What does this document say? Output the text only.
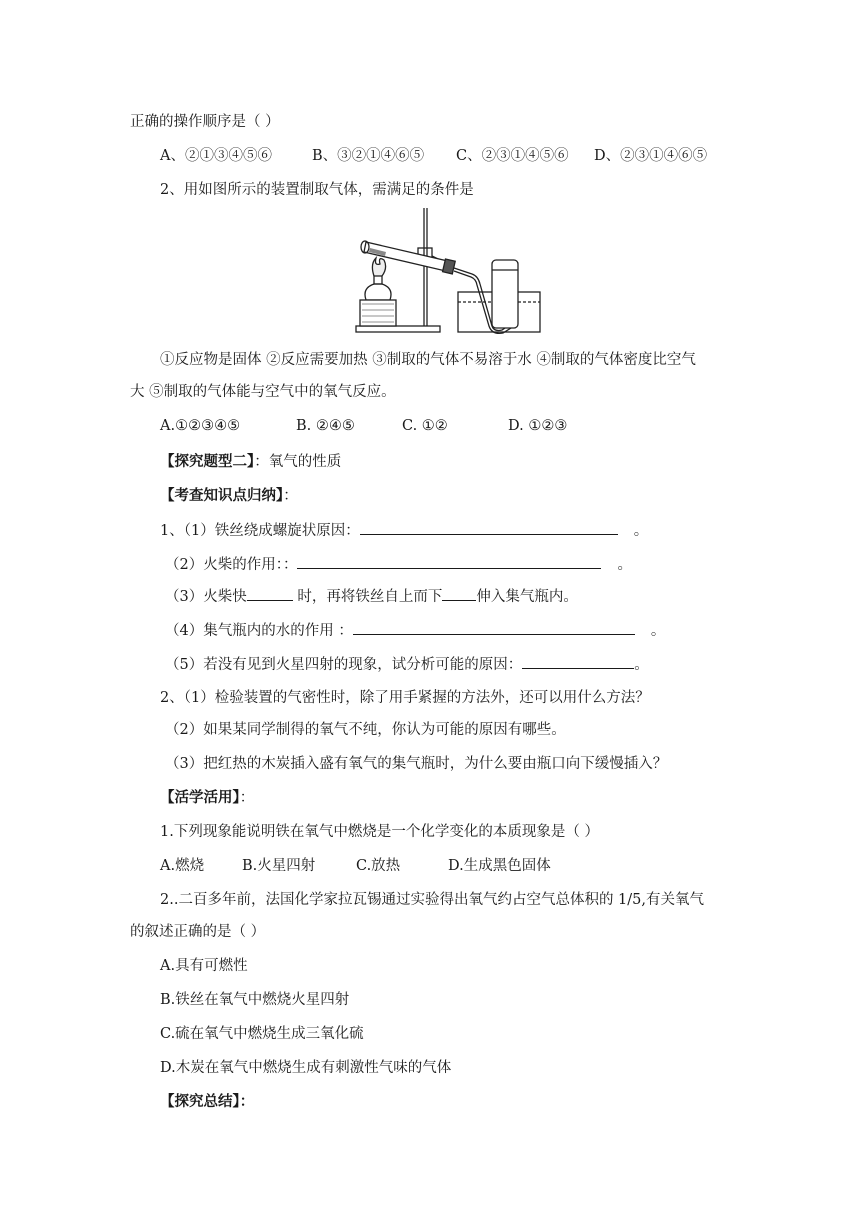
正确的操作顺序是（ ）
A、②①③④⑤⑥	B、③②①④⑥⑤ C、②③①④⑤⑥ D、②③①④⑥⑤
2、用如图所示的装置制取气体，需满足的条件是
①反应物是固体 ②反应需要加热 ③制取的气体不易溶于水 ④制取的气体密度比空气
大 ⑤制取的气体能与空气中的氧气反应。
A.①②③④⑤	B. ②④⑤	C. ①②	D. ①②③
【探究题型二】：氧气的性质
【考查知识点归纳】：
1、（1）铁丝绕成螺旋状原因：	。
（2）火柴的作用：：	。
（3）火柴快	时，再将铁丝自上而下 伸入集气瓶内。
（4）集气瓶内的水的作用 ：	。
（5）若没有见到火星四射的现象，试分析可能的原因：	。
2、（1）检验装置的气密性时，除了用手紧握的方法外，还可以用什么方法？
（2）如果某同学制得的氧气不纯，你认为可能的原因有哪些。
（3）把红热的木炭插入盛有氧气的集气瓶时，为什么要由瓶口向下缓慢插入？
【活学活用】：
1.下列现象能说明铁在氧气中燃烧是一个化学变化的本质现象是（ ）
A.燃烧	B.火星四射	C.放热	D.生成黑色固体
2..二百多年前，法国化学家拉瓦锡通过实验得出氧气约占空气总体积的 1/5,有关氧气
的叙述正确的是（ ）
A.具有可燃性
B.铁丝在氧气中燃烧火星四射
C.硫在氧气中燃烧生成三氧化硫
D.木炭在氧气中燃烧生成有刺激性气味的气体
【探究总结】：
